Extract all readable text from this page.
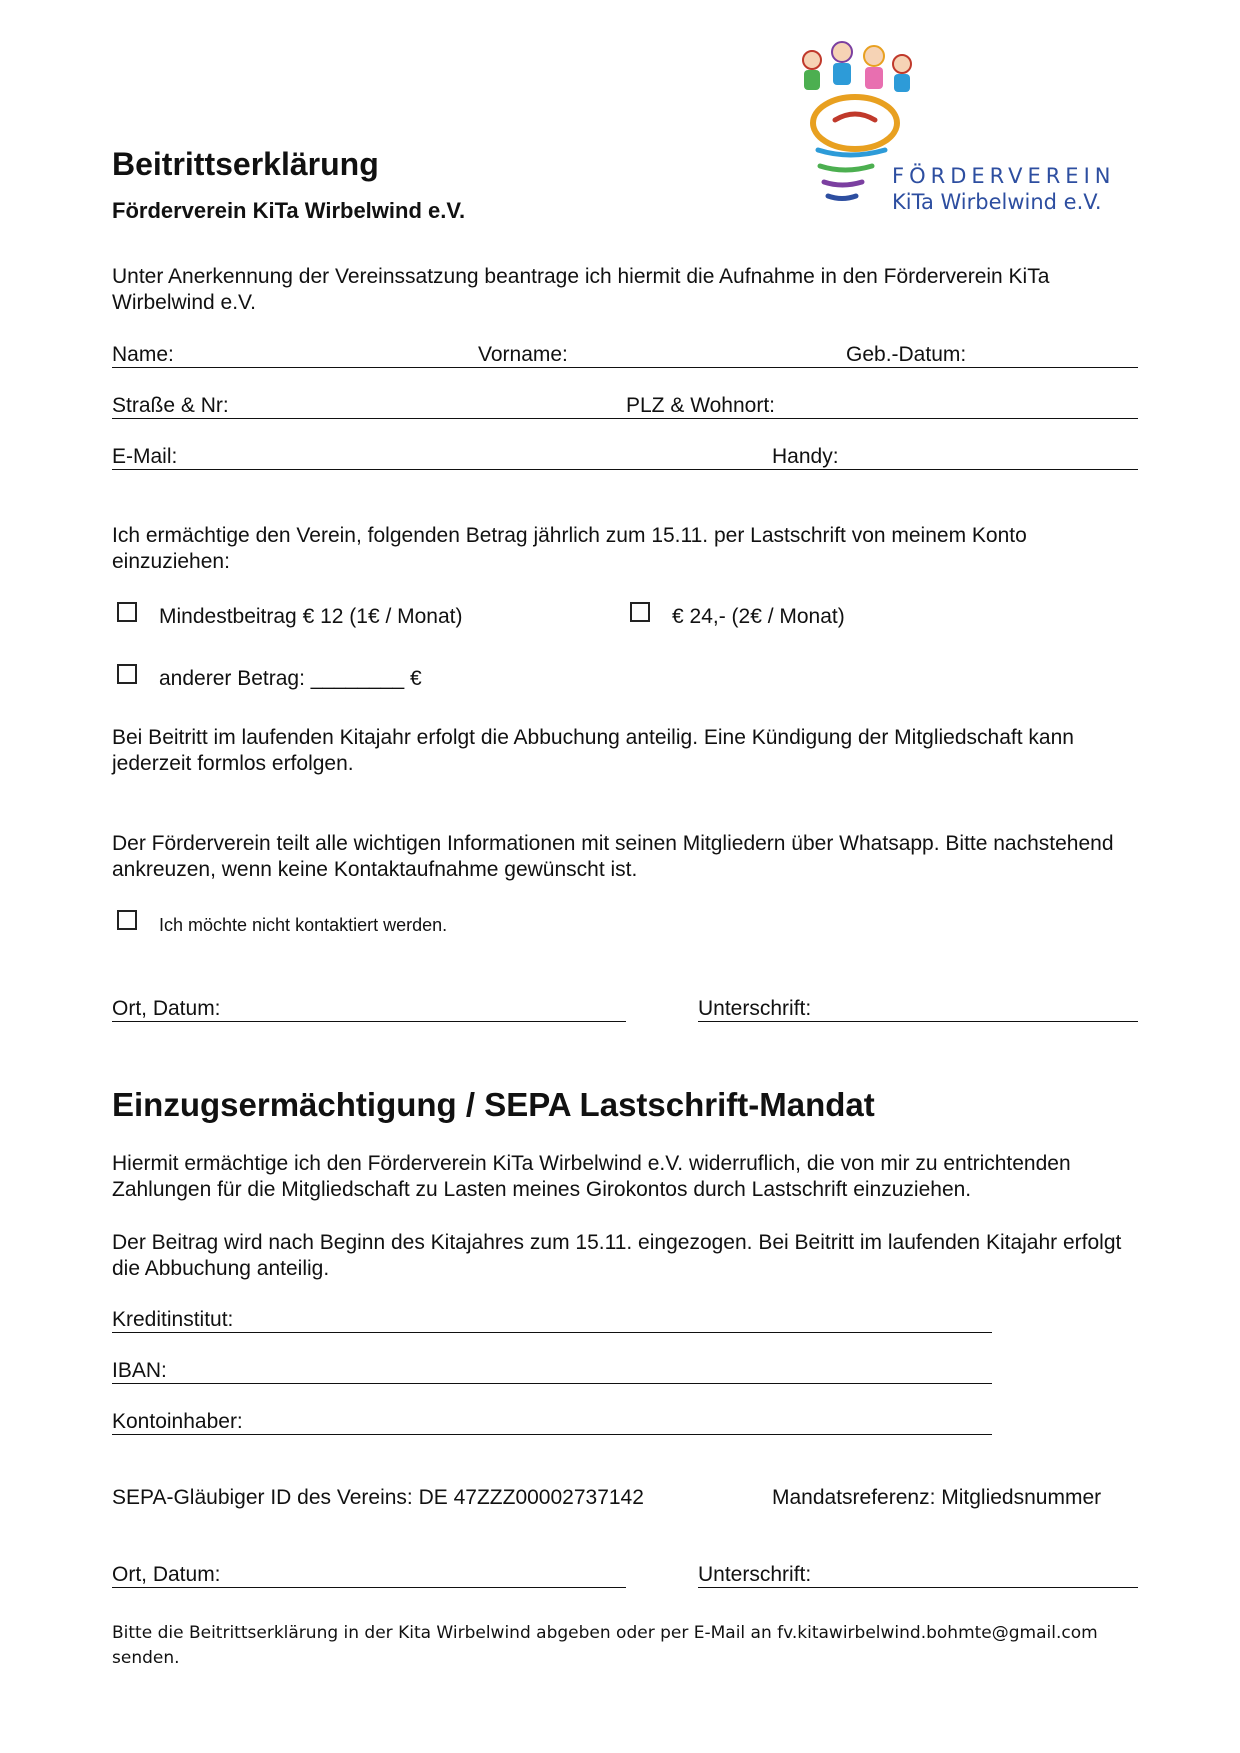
FÖRDERVEREIN
KiTa Wirbelwind e.V.
Beitrittserklärung
Förderverein KiTa Wirbelwind e.V.
Unter Anerkennung der Vereinssatzung beantrage ich hiermit die Aufnahme in den Förderverein KiTa Wirbelwind e.V.
Name:	Vorname:	Geb.-Datum:
Straße & Nr:	PLZ & Wohnort:
E-Mail:	Handy:
Ich ermächtige den Verein, folgenden Betrag jährlich zum 15.11. per Lastschrift von meinem Konto einzuziehen:
Mindestbeitrag € 12 (1€ / Monat)	€ 24,- (2€ / Monat)
anderer Betrag: ________ €
Bei Beitritt im laufenden Kitajahr erfolgt die Abbuchung anteilig. Eine Kündigung der Mitgliedschaft kann jederzeit formlos erfolgen.
Der Förderverein teilt alle wichtigen Informationen mit seinen Mitgliedern über Whatsapp. Bitte nachstehend ankreuzen, wenn keine Kontaktaufnahme gewünscht ist.
Ich möchte nicht kontaktiert werden.
Ort, Datum:	Unterschrift:
Einzugsermächtigung / SEPA Lastschrift-Mandat
Hiermit ermächtige ich den Förderverein KiTa Wirbelwind e.V. widerruflich, die von mir zu entrichtenden Zahlungen für die Mitgliedschaft zu Lasten meines Girokontos durch Lastschrift einzuziehen.
Der Beitrag wird nach Beginn des Kitajahres zum 15.11. eingezogen. Bei Beitritt im laufenden Kitajahr erfolgt die Abbuchung anteilig.
Kreditinstitut:
IBAN:
Kontoinhaber:
SEPA-Gläubiger ID des Vereins: DE 47ZZZ00002737142	Mandatsreferenz: Mitgliedsnummer
Ort, Datum:	Unterschrift:
Bitte die Beitrittserklärung in der Kita Wirbelwind abgeben oder per E-Mail an fv.kitawirbelwind.bohmte@gmail.com senden.
